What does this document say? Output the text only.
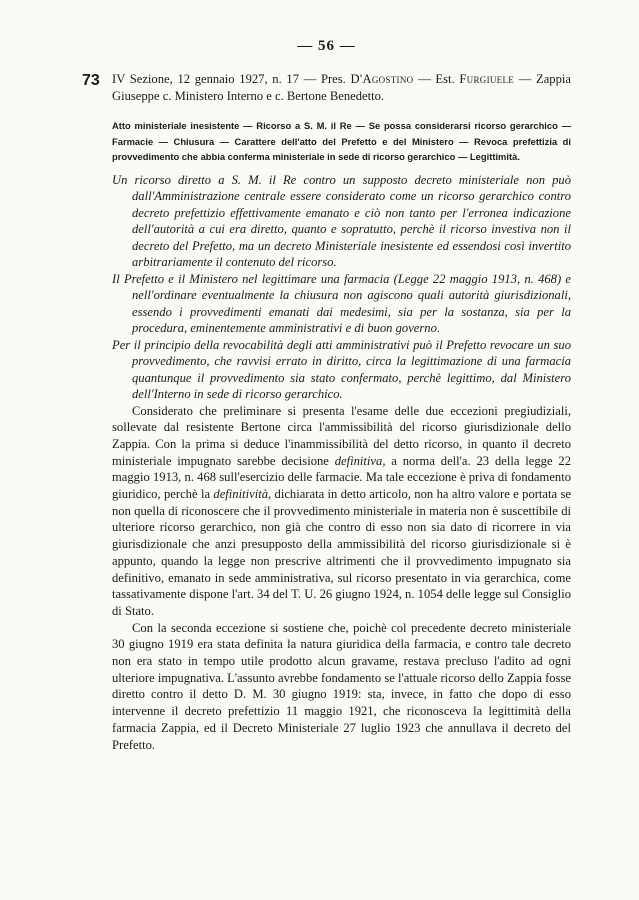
— 56 —
73 IV Sezione, 12 gennaio 1927, n. 17 — Pres. D'Agostino — Est. Furgiuele — Zappia Giuseppe c. Ministero Interno e c. Bertone Benedetto.
Atto ministeriale inesistente — Ricorso a S. M. il Re — Se possa considerarsi ricorso gerarchico — Farmacie — Chiusura — Carattere dell'atto del Prefetto e del Ministero — Revoca prefettizia di provvedimento che abbia conferma ministeriale in sede di ricorso gerarchico — Legittimità.

Un ricorso diretto a S. M. il Re contro un supposto decreto ministeriale non può dall'Amministrazione centrale essere considerato come un ricorso gerarchico contro decreto prefettizio effettivamente emanato e ciò non tanto per l'erronea indicazione dell'autorità a cui era diretto, quanto e sopratutto, perchè il ricorso investiva non il decreto del Prefetto, ma un decreto Ministeriale inesistente ed essendosi così invertito arbitrariamente il contenuto del ricorso.

Il Prefetto e il Ministero nel legittimare una farmacia (Legge 22 maggio 1913, n. 468) e nell'ordinare eventualmente la chiusura non agiscono quali autorità giurisdizionali, essendo i provvedimenti emanati dai medesimi, sia per la sostanza, sia per la procedura, eminentemente amministrativi e di buon governo.

Per il principio della revocabilità degli atti amministrativi può il Prefetto revocare un suo provvedimento, che ravvisi errato in diritto, circa la legittimazione di una farmacia quantunque il provvedimento sia stato confermato, perchè legittimo, dal Ministero dell'Interno in sede di ricorso gerarchico.

Considerato che preliminare si presenta l'esame delle due eccezioni pregiudiziali, sollevate dal resistente Bertone circa l'ammissibilità del ricorso giurisdizionale dello Zappia. Con la prima si deduce l'inammissibilità del detto ricorso, in quanto il decreto ministeriale impugnato sarebbe decisione definitiva, a norma dell'a. 23 della legge 22 maggio 1913, n. 468 sull'esercizio delle farmacie. Ma tale eccezione è priva di fondamento giuridico, perchè la definitività, dichiarata in detto articolo, non ha altro valore e portata se non quella di riconoscere che il provvedimento ministeriale in materia non è suscettibile di ulteriore ricorso gerarchico, non già che contro di esso non sia dato di ricorrere in via giurisdizionale che anzi presupposto della ammissibilità del ricorso giurisdizionale si è appunto, quando la legge non prescrive altrimenti che il provvedimento impugnato sia definitivo, emanato in sede amministrativa, sul ricorso presentato in via gerarchica, come tassativamente dispone l'art. 34 del T. U. 26 giugno 1924, n. 1054 delle legge sul Consiglio di Stato.

Con la seconda eccezione si sostiene che, poichè col precedente decreto ministeriale 30 giugno 1919 era stata definita la natura giuridica della farmacia, e contro tale decreto non era stato in tempo utile prodotto alcun gravame, restava precluso l'adito ad ogni ulteriore impugnativa. L'assunto avrebbe fondamento se l'attuale ricorso dello Zappia fosse diretto contro il detto D. M. 30 giugno 1919: sta, invece, in fatto che dopo di esso intervenne il decreto prefettizio 11 maggio 1921, che riconosceva la legittimità della farmacia Zappia, ed il Decreto Ministeriale 27 luglio 1923 che annullava il decreto del Prefetto.
